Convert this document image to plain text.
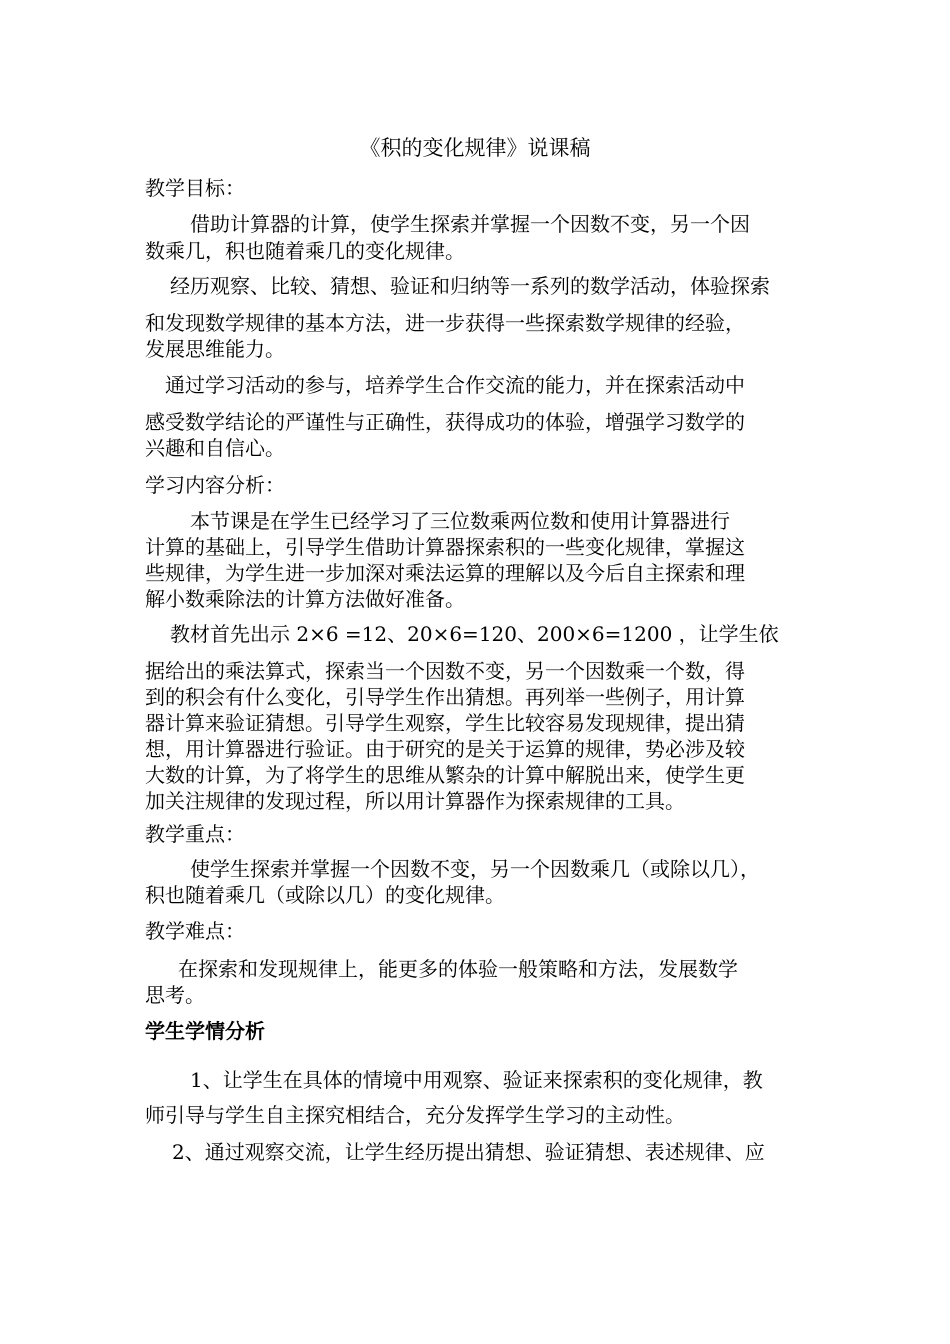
《积的变化规律》说课稿
教学目标：
借助计算器的计算，使学生探索并掌握一个因数不变，另一个因
数乘几，积也随着乘几的变化规律。
经历观察、比较、猜想、验证和归纳等一系列的数学活动，体验探索
和发现数学规律的基本方法，进一步获得一些探索数学规律的经验，
发展思维能力。
通过学习活动的参与，培养学生合作交流的能力，并在探索活动中
感受数学结论的严谨性与正确性，获得成功的体验，增强学习数学的
兴趣和自信心。
学习内容分析：
本节课是在学生已经学习了三位数乘两位数和使用计算器进行
计算的基础上，引导学生借助计算器探索积的一些变化规律，掌握这
些规律，为学生进一步加深对乘法运算的理解以及今后自主探索和理
解小数乘除法的计算方法做好准备。
教材首先出示 2×6 =12、20×6=120、200×6=1200 ，让学生依
据给出的乘法算式，探索当一个因数不变，另一个因数乘一个数，得
到的积会有什么变化，引导学生作出猜想。再列举一些例子，用计算
器计算来验证猜想。引导学生观察，学生比较容易发现规律，提出猜
想，用计算器进行验证。由于研究的是关于运算的规律，势必涉及较
大数的计算，为了将学生的思维从繁杂的计算中解脱出来，使学生更
加关注规律的发现过程，所以用计算器作为探索规律的工具。
教学重点：
使学生探索并掌握一个因数不变，另一个因数乘几（或除以几），
积也随着乘几（或除以几）的变化规律。
教学难点：
在探索和发现规律上，能更多的体验一般策略和方法，发展数学
思考。
学生学情分析
1、让学生在具体的情境中用观察、验证来探索积的变化规律，教
师引导与学生自主探究相结合，充分发挥学生学习的主动性。
2、通过观察交流，让学生经历提出猜想、验证猜想、表述规律、应
